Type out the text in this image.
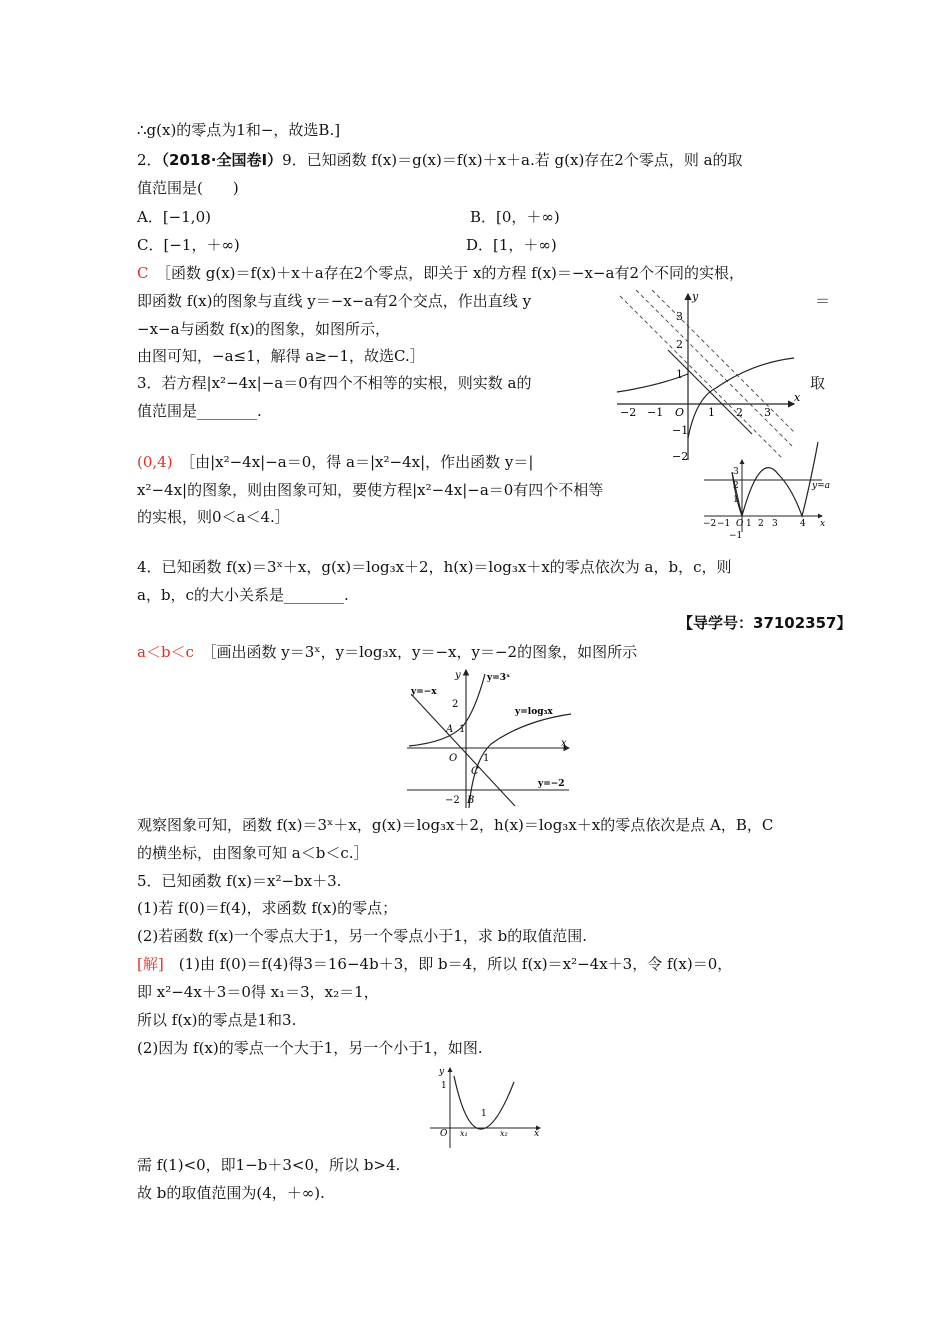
∴g(x)的零点为1和−，故选B.]
2．（2018·全国卷Ⅰ）9．已知函数 f(x)＝g(x)＝f(x)＋x＋a.若 g(x)存在2个零点，则 a的取
值范围是(　　)
A．[−1,0)	B．[0，＋∞)
C．[−1，＋∞)	D．[1，＋∞)
C　 ［函数 g(x)＝f(x)＋x＋a存在2个零点，即关于 x的方程 f(x)＝−x−a有2个不同的实根，
即函数 f(x)的图象与直线 y＝−x−a有2个交点，作出直线 y	＝
−x−a与函数 f(x)的图象，如图所示，
由图可知，−a≤1，解得 a≥−1，故选C.］
3．若方程|x²−4x|−a＝0有四个不相等的实根，则实数 a的	取
值范围是________.
(0,4)　 ［由|x²−4x|−a＝0，得 a＝|x²−4x|，作出函数 y＝|
x²−4x|的图象，则由图象可知，要使方程|x²−4x|−a＝0有四个不相等
的实根，则0＜a＜4.］
4．已知函数 f(x)＝3ˣ＋x，g(x)＝log₃x＋2，h(x)＝log₃x＋x的零点依次为 a，b，c，则
a，b，c的大小关系是________.
【导学号：37102357】
a＜b＜c　 ［画出函数 y＝3ˣ，y＝log₃x，y＝−x，y＝−2的图象，如图所示
观察图象可知，函数 f(x)＝3ˣ＋x，g(x)＝log₃x＋2，h(x)＝log₃x＋x的零点依次是点 A，B，C
的横坐标，由图象可知 a＜b＜c.］
5．已知函数 f(x)＝x²−bx＋3.
(1)若 f(0)＝f(4)，求函数 f(x)的零点；
(2)若函数 f(x)一个零点大于1，另一个零点小于1，求 b的取值范围.
[解]　 (1)由 f(0)＝f(4)得3＝16−4b＋3，即 b＝4，所以 f(x)＝x²−4x＋3，令 f(x)＝0，
即 x²−4x＋3＝0得 x₁＝3，x₂＝1，
所以 f(x)的零点是1和3.
(2)因为 f(x)的零点一个大于1，另一个小于1，如图.
需 f(1)<0，即1−b＋3<0，所以 b>4.
故 b的取值范围为(4，＋∞).
x
y
O
−2 −1	1 2 3
3
2
1
−1
−2
x
O
y=a
−2 −1 1 2 3 4
3
2
1
−1
x
y
O
2
1
1
−2
y=−x
y=3ˣ
y=log₃x
y=−2
A
B
C
x
y
O
1
1
x₁	x₂
